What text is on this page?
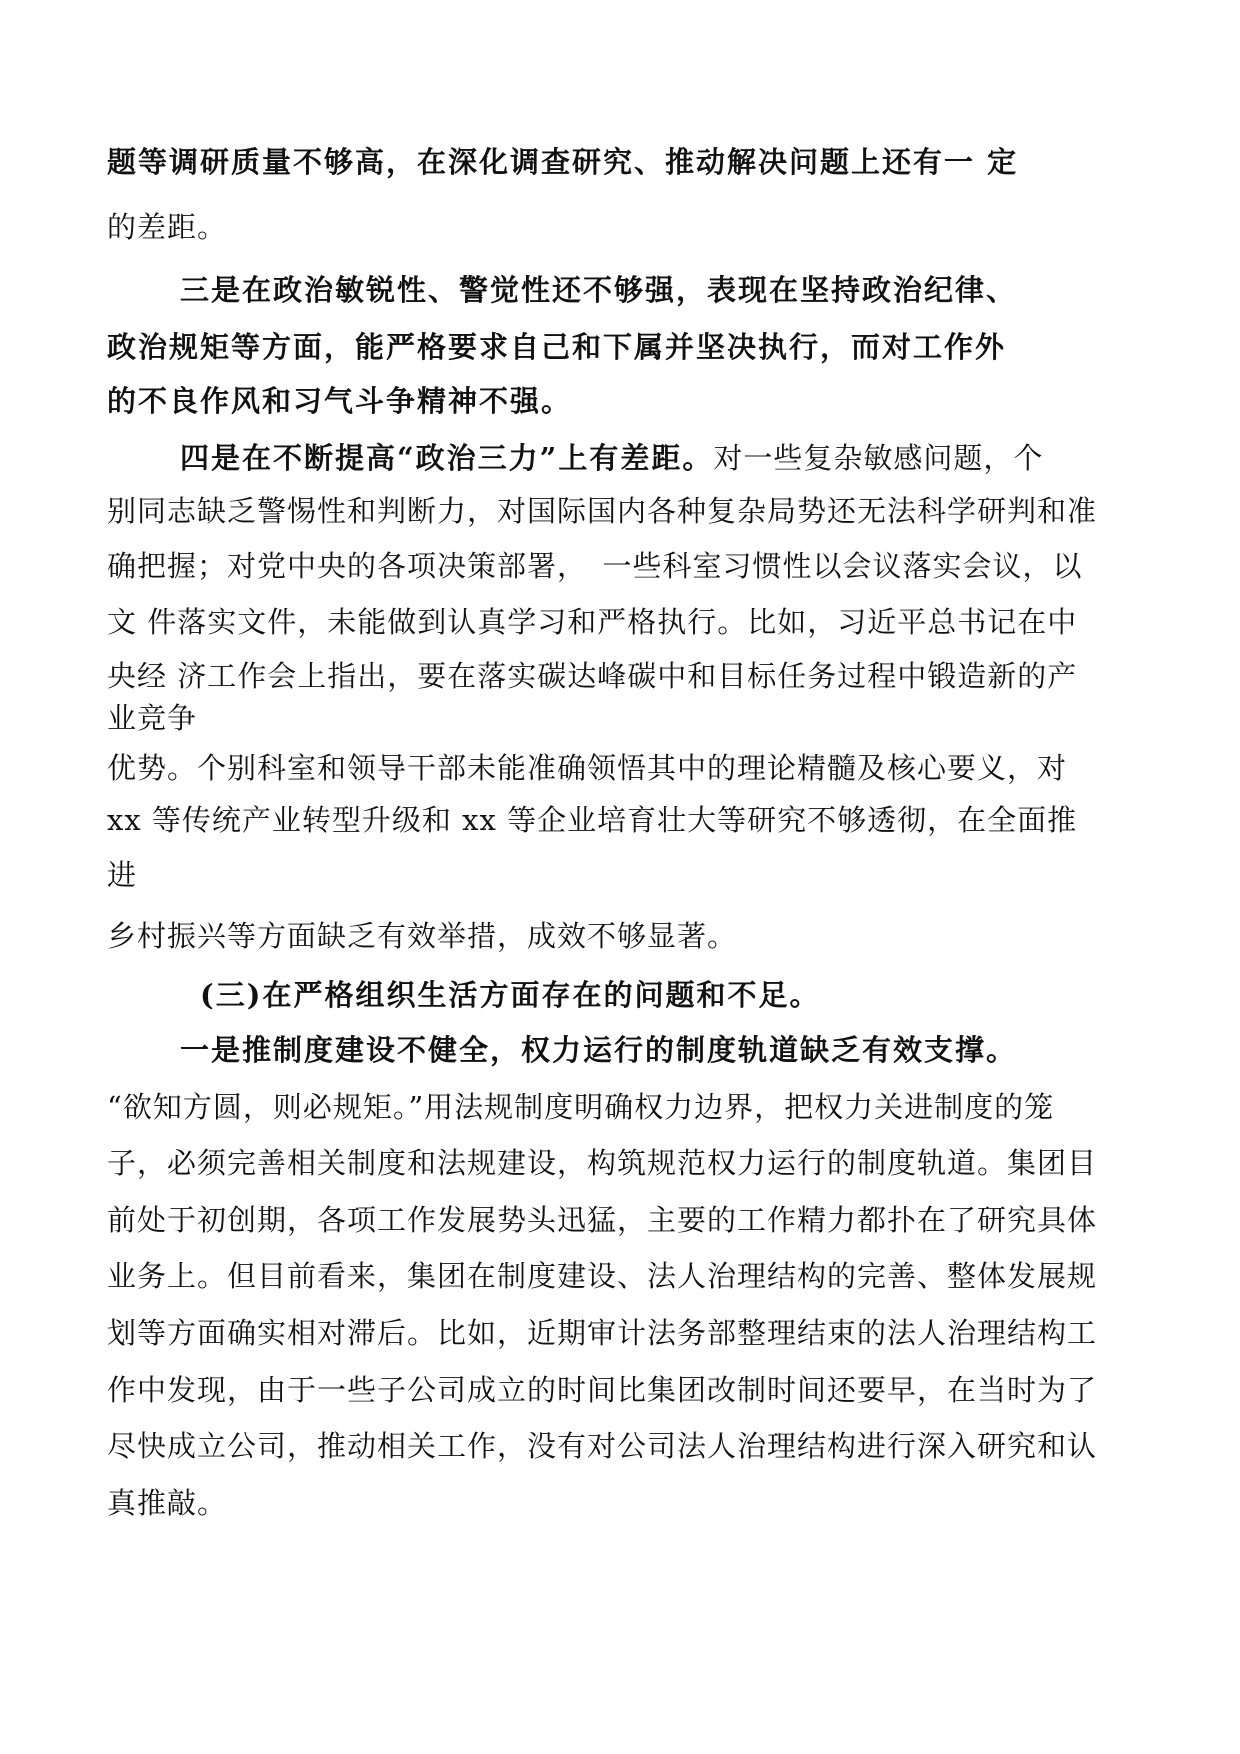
题等调研质量不够高，在深化调查研究、推动解决问题上还有一 定
的差距。
三是在政治敏锐性、警觉性还不够强，表现在坚持政治纪律、
政治规矩等方面，能严格要求自己和下属并坚决执行，而对工作外
的不良作风和习气斗争精神不强。
四是在不断提高“政治三力”上有差距。对一些复杂敏感问题，个
别同志缺乏警惕性和判断力，对国际国内各种复杂局势还无法科学研判和准
确把握；对党中央的各项决策部署，　一些科室习惯性以会议落实会议，以
文 件落实文件，未能做到认真学习和严格执行。比如，习近平总书记在中
央经 济工作会上指出，要在落实碳达峰碳中和目标任务过程中锻造新的产
业竞争
优势。个别科室和领导干部未能准确领悟其中的理论精髓及核心要义，对
xx 等传统产业转型升级和 xx 等企业培育壮大等研究不够透彻，在全面推
进
乡村振兴等方面缺乏有效举措，成效不够显著。
(三)在严格组织生活方面存在的问题和不足。
一是推制度建设不健全，权力运行的制度轨道缺乏有效支撑。
“欲知方圆，则必规矩。”用法规制度明确权力边界，把权力关进制度的笼
子，必须完善相关制度和法规建设，构筑规范权力运行的制度轨道。集团目
前处于初创期，各项工作发展势头迅猛，主要的工作精力都扑在了研究具体
业务上。但目前看来，集团在制度建设、法人治理结构的完善、整体发展规
划等方面确实相对滞后。比如，近期审计法务部整理结束的法人治理结构工
作中发现，由于一些子公司成立的时间比集团改制时间还要早，在当时为了
尽快成立公司，推动相关工作，没有对公司法人治理结构进行深入研究和认
真推敲。
